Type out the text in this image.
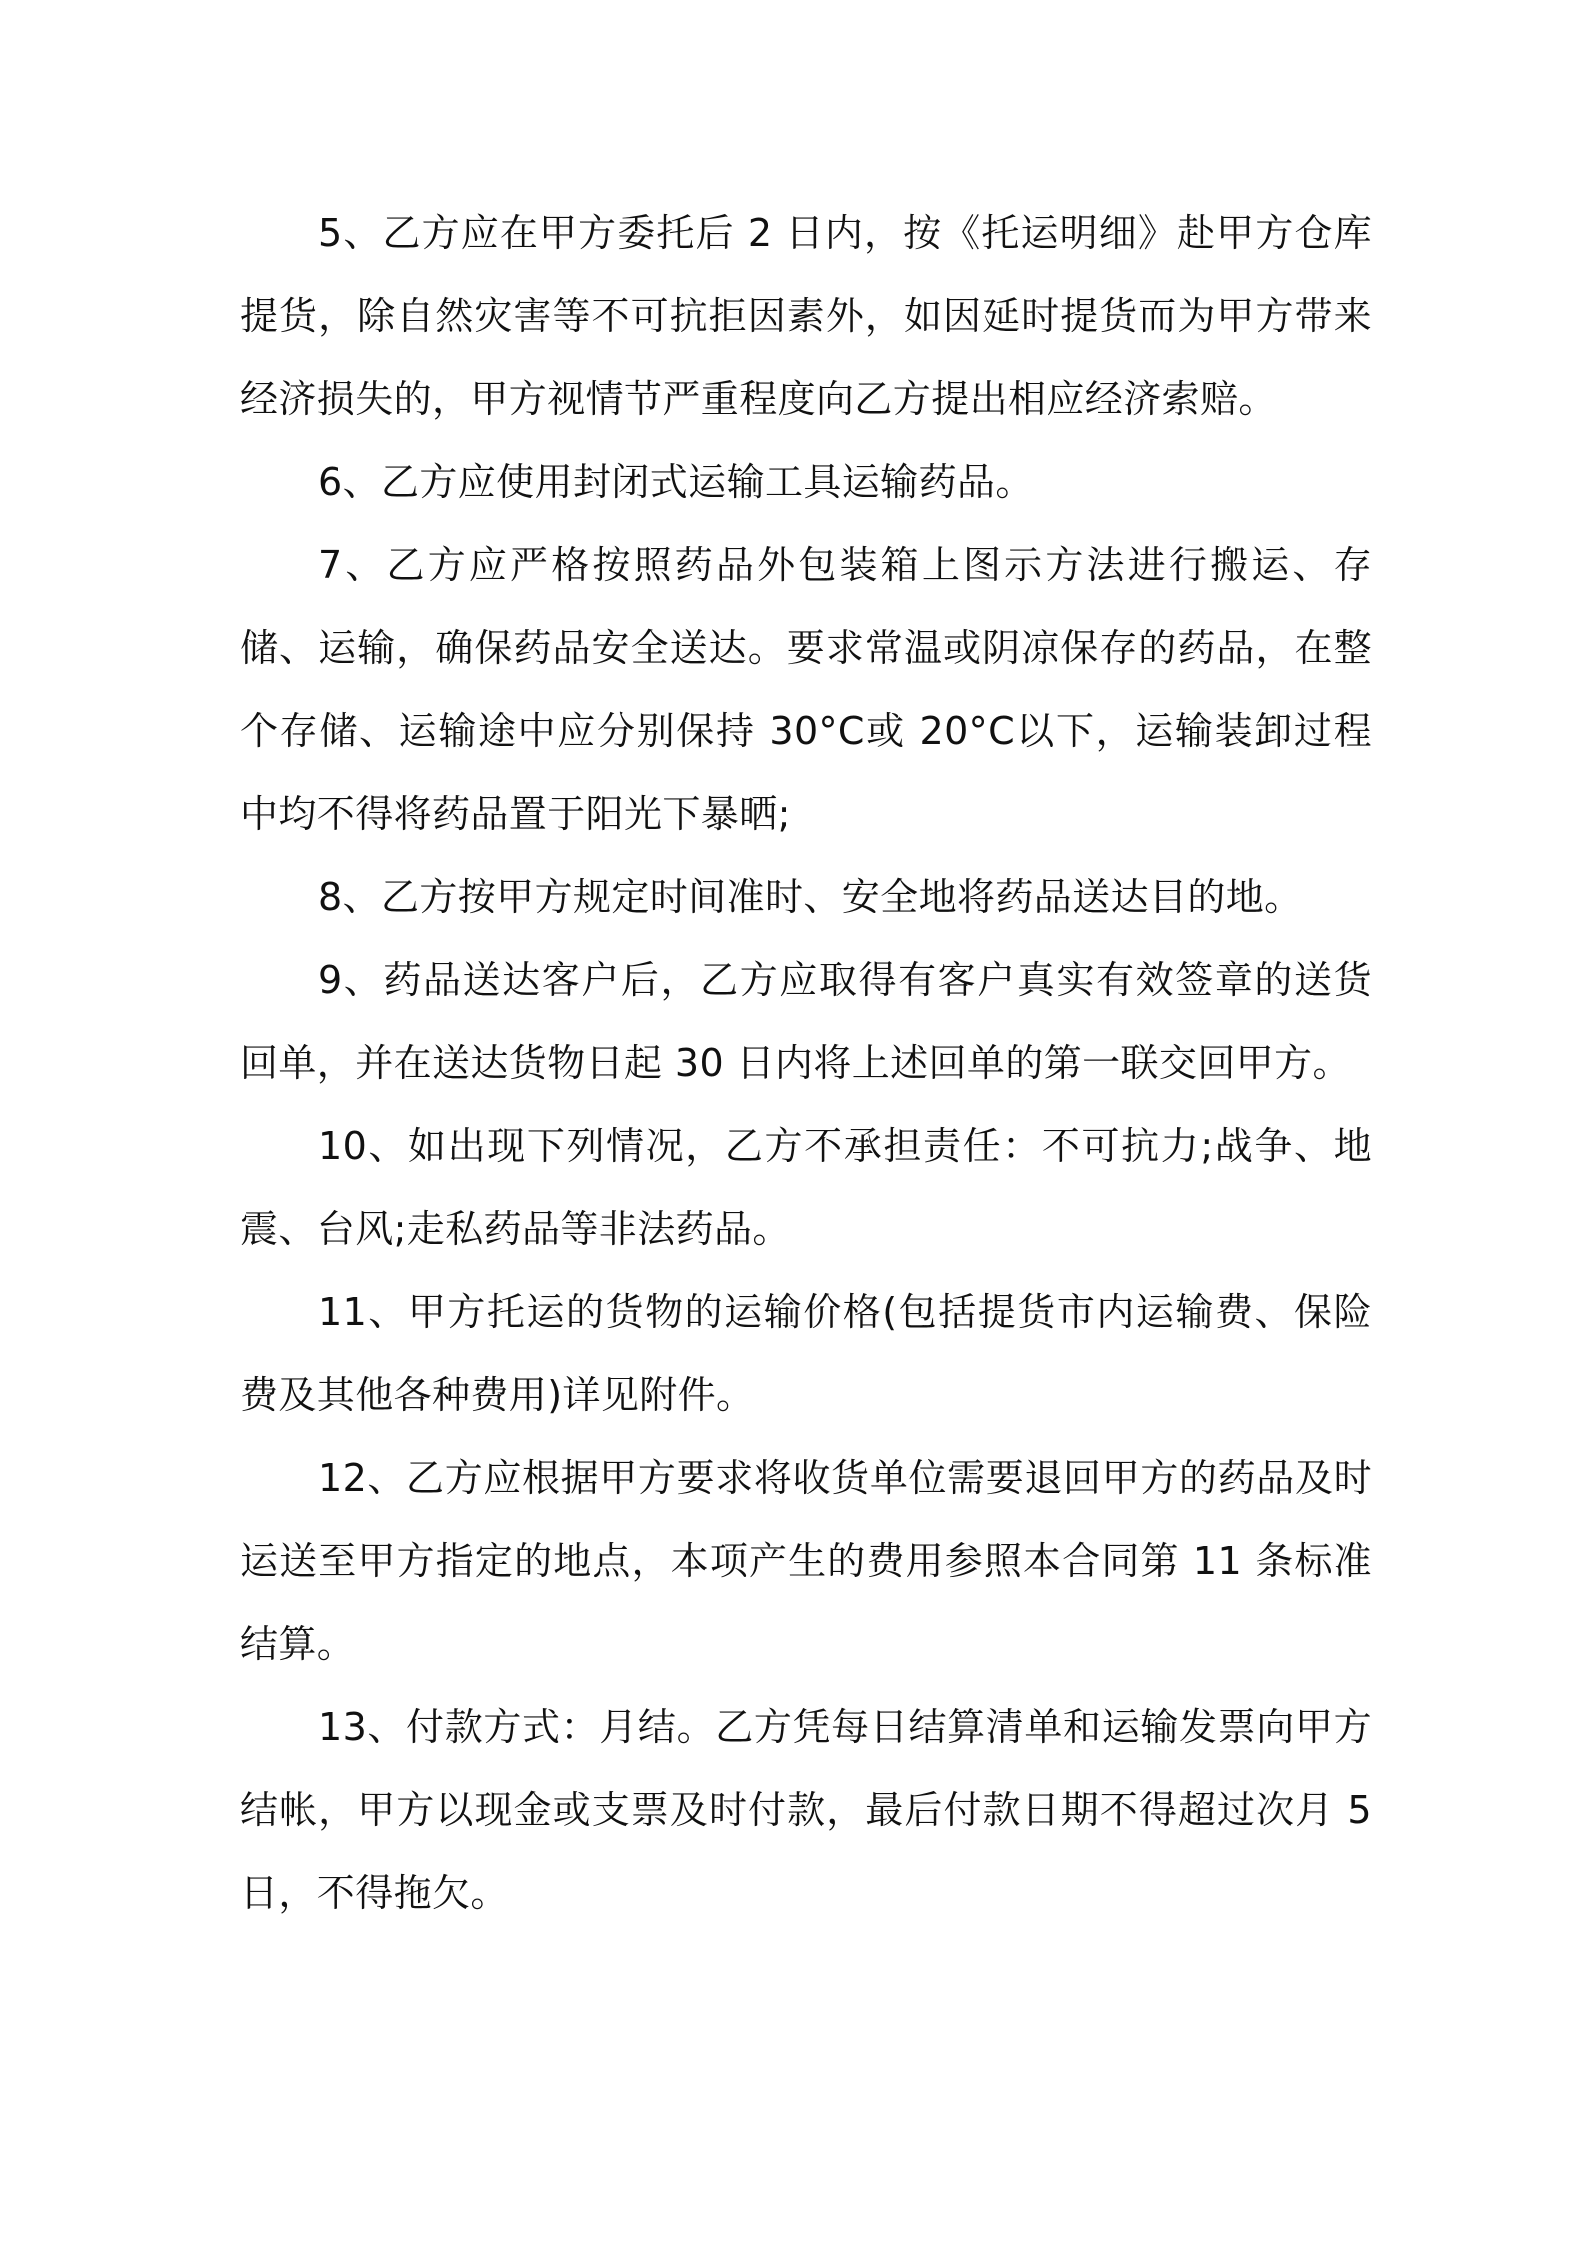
5、乙方应在甲方委托后 2 日内，按《托运明细》赴甲方仓库提货，除自然灾害等不可抗拒因素外，如因延时提货而为甲方带来经济损失的，甲方视情节严重程度向乙方提出相应经济索赔。

6、乙方应使用封闭式运输工具运输药品。

7、乙方应严格按照药品外包装箱上图示方法进行搬运、存储、运输，确保药品安全送达。要求常温或阴凉保存的药品，在整个存储、运输途中应分别保持 30°C或 20°C以下，运输装卸过程中均不得将药品置于阳光下暴晒;

8、乙方按甲方规定时间准时、安全地将药品送达目的地。

9、药品送达客户后，乙方应取得有客户真实有效签章的送货回单，并在送达货物日起 30 日内将上述回单的第一联交回甲方。

10、如出现下列情况，乙方不承担责任：不可抗力;战争、地震、台风;走私药品等非法药品。

11、甲方托运的货物的运输价格(包括提货市内运输费、保险费及其他各种费用)详见附件。

12、乙方应根据甲方要求将收货单位需要退回甲方的药品及时运送至甲方指定的地点，本项产生的费用参照本合同第 11 条标准结算。

13、付款方式：月结。乙方凭每日结算清单和运输发票向甲方结帐，甲方以现金或支票及时付款，最后付款日期不得超过次月 5 日，不得拖欠。
